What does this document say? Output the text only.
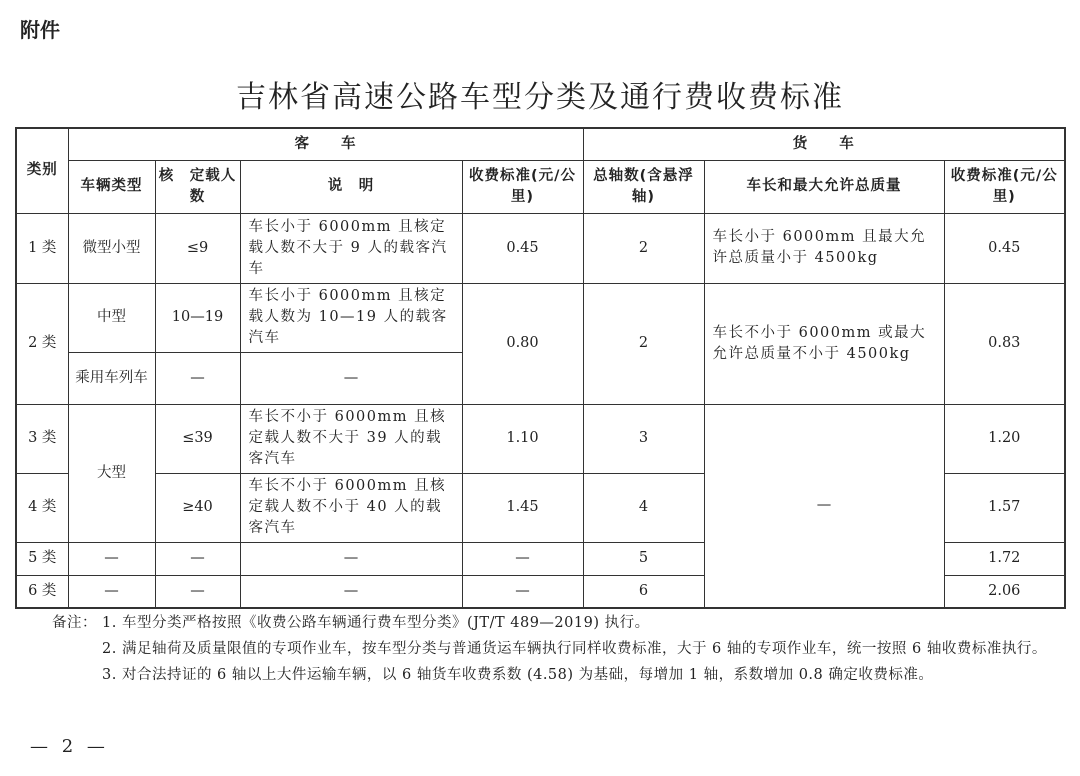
附件
吉林省高速公路车型分类及通行费收费标准
类别	客　　车				货　　车		
	车辆类型	核　定载人数	说　明	收费标准(元/公里)	总轴数(含悬浮轴)	车长和最大允许总质量	收费标准(元/公里)
1 类	微型小型	≤9	车长小于 6000mm 且核定载人数不大于 9 人的载客汽车	0.45	2	车长小于 6000mm 且最大允许总质量小于 4500kg	0.45
2 类	中型	10—19	车长小于 6000mm 且核定载人数为 10—19 人的载客汽车	0.80	2	车长不小于 6000mm 或最大允许总质量不小于 4500kg	0.83
	乘用车列车	—	—				
3 类	大型	≤39	车长不小于 6000mm 且核定载人数不大于 39 人的载客汽车	1.10	3	—	1.20
4 类		≥40	车长不小于 6000mm 且核定载人数不小于 40 人的载客汽车	1.45	4		1.57
5 类	—	—	—	—	5		1.72
6 类	—	—	—	—	6		2.06
备注： 1. 车型分类严格按照《收费公路车辆通行费车型分类》(JT/T 489—2019) 执行。
2. 满足轴荷及质量限值的专项作业车，按车型分类与普通货运车辆执行同样收费标准，大于 6 轴的专项作业车，统一按照 6 轴收费标准执行。
3. 对合法持证的 6 轴以上大件运输车辆，以 6 轴货车收费系数 (4.58) 为基础，每增加 1 轴，系数增加 0.8 确定收费标准。
— 2 —
